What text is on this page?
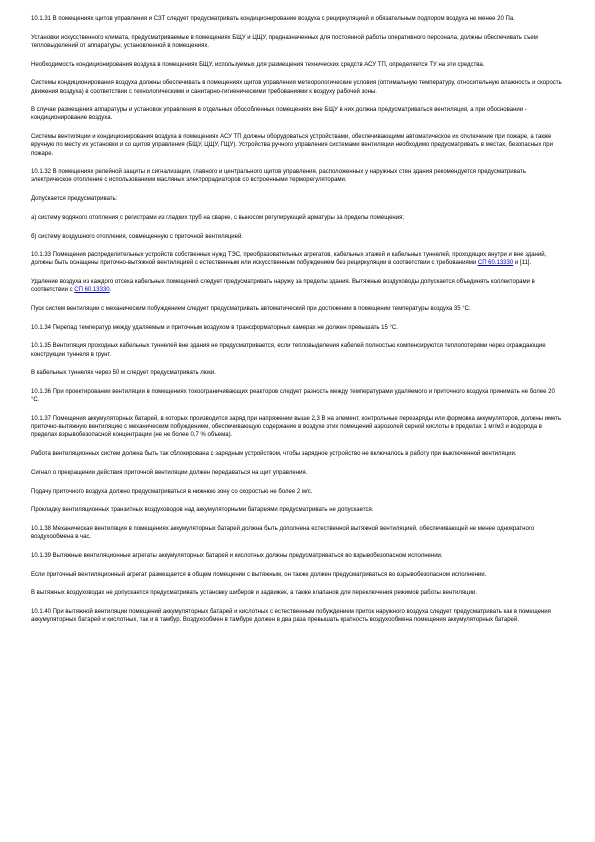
10.1.31 В помещениях щитов управления и СЗТ следует предусматривать кондиционирование воздуха с рециркуляцией и обязательным подпором воздуха не менее 20 Па.

Установки искусственного климата, предусматриваемые в помещениях БЩУ и ЦЩУ, предназначенных для постоянной работы оперативного персонала, должны обеспечивать съем тепловыделений от аппаратуры, установленной в помещениях.

Необходимость кондиционирования воздуха в помещениях БЩУ, используемых для размещения технических средств АСУ ТП, определяется ТУ на эти средства.

Системы кондиционирования воздуха должны обеспечивать в помещениях щитов управления метеорологические условия (оптимальную температуру, относительную влажность и скорость движения воздуха) в соответствии с технологическими и санитарно-гигиеническими требованиями к воздуху рабочей зоны.

В случае размещения аппаратуры и установок управления в отдельных обособленных помещениях вне БЩУ в них должна предусматриваться вентиляция, а при обосновании - кондиционирование воздуха.

Системы вентиляции и кондиционирования воздуха в помещениях АСУ ТП должны оборудоваться устройствами, обеспечивающими автоматическое их отключение при пожаре, а также вручную по месту их установки и со щитов управления (БЩУ, ЦЩУ, ГЩУ). Устройства ручного управления системами вентиляции необходимо предусматривать в местах, безопасных при пожаре.

10.1.32 В помещениях релейной защиты и сигнализации, главного и центрального щитов управления, расположенных у наружных стен здания рекомендуется предусматривать электрическое отопление с использованием масляных электрорадиаторов со встроенными терморегуляторами.

Допускается предусматривать:

а) систему водяного отопления с регистрами из гладких труб на сварке, с выносом регулирующей арматуры за пределы помещения;

б) систему воздушного отопления, совмещенную с приточной вентиляцией.

10.1.33 Помещения распределительных устройств собственных нужд ТЭС, преобразовательных агрегатов, кабельных этажей и кабельных туннелей, проходящих внутри и вне зданий, должны быть оснащены приточно-вытяжной вентиляцией с естественным или искусственным побуждением без рециркуляции в соответствии с требованиями СП 60.13330 и [11].

Удаление воздуха из каждого отсека кабельных помещений следует предусматривать наружу за пределы здания. Вытяжные воздуховоды допускается объединять коллекторами в соответствии с СП 60.13330.

Пуск систем вентиляции с механическим побуждением следует предусматривать автоматический при достижении в помещении температуры воздуха 35 °С.

10.1.34 Перепад температур между удаляемым и приточным воздухом в трансформаторных камерах не должен превышать 15 °С.

10.1.35 Вентиляция проходных кабельных туннелей вне здания не предусматривается, если тепловыделения кабелей полностью компенсируются теплопотерями через ограждающие конструкции туннеля в грунт.

В кабельных туннелях через 50 м следует предусматривать люки.

10.1.36 При проектировании вентиляции в помещениях токоограничивающих реакторов следует разность между температурами удаляемого и приточного воздуха принимать не более 20 °С.

10.1.37 Помещения аккумуляторных батарей, в которых производится заряд при напряжении выше 2,3 В на элемент, контрольные перезаряды или формовка аккумуляторов, должны иметь приточно-вытяжную вентиляцию с механическим побуждением, обеспечивающую содержание в воздухе этих помещений аэрозолей серной кислоты в пределах 1 мг/м3 и водорода в пределах взрывобезопасной концентрации (не не более 0,7 % объема).

Работа вентиляционных систем должна быть так сблокирована с зарядным устройством, чтобы зарядное устройство не включалось в работу при выключенной вентиляции.

Сигнал о прекращении действия приточной вентиляции должен передаваться на щит управления.

Подачу приточного воздуха должно предусматриваться в нижнюю зону со скоростью не более 2 м/с.

Прокладку вентиляционных транзитных воздуховодов над аккумуляторными батареями предусматривать не допускается.

10.1.38 Механическая вентиляция в помещениях аккумуляторных батарей должна быть дополнена естественной вытяжной вентиляцией, обеспечивающей не менее однократного воздухообмена в час.

10.1.39 Вытяжные вентиляционные агрегаты аккумуляторных батарей и кислотных должны предусматриваться во взрывобезопасном исполнении.

Если приточный вентиляционный агрегат размещается в общем помещении с вытяжным, он также должен предусматриваться во взрывобезопасном исполнении.

В вытяжных воздуховодах не допускается предусматривать установку шиберов и задвижек, а также клапанов для переключения режимов работы вентиляции.

10.1.40 При вытяжной вентиляции помещений аккумуляторных батарей и кислотных с естественным побуждением приток наружного воздуха следует предусматривать как в помещения аккумуляторных батарей и кислотных, так и в тамбур. Воздухообмен в тамбуре должен в два раза превышать кратность воздухообмена помещения аккумуляторных батарей.
